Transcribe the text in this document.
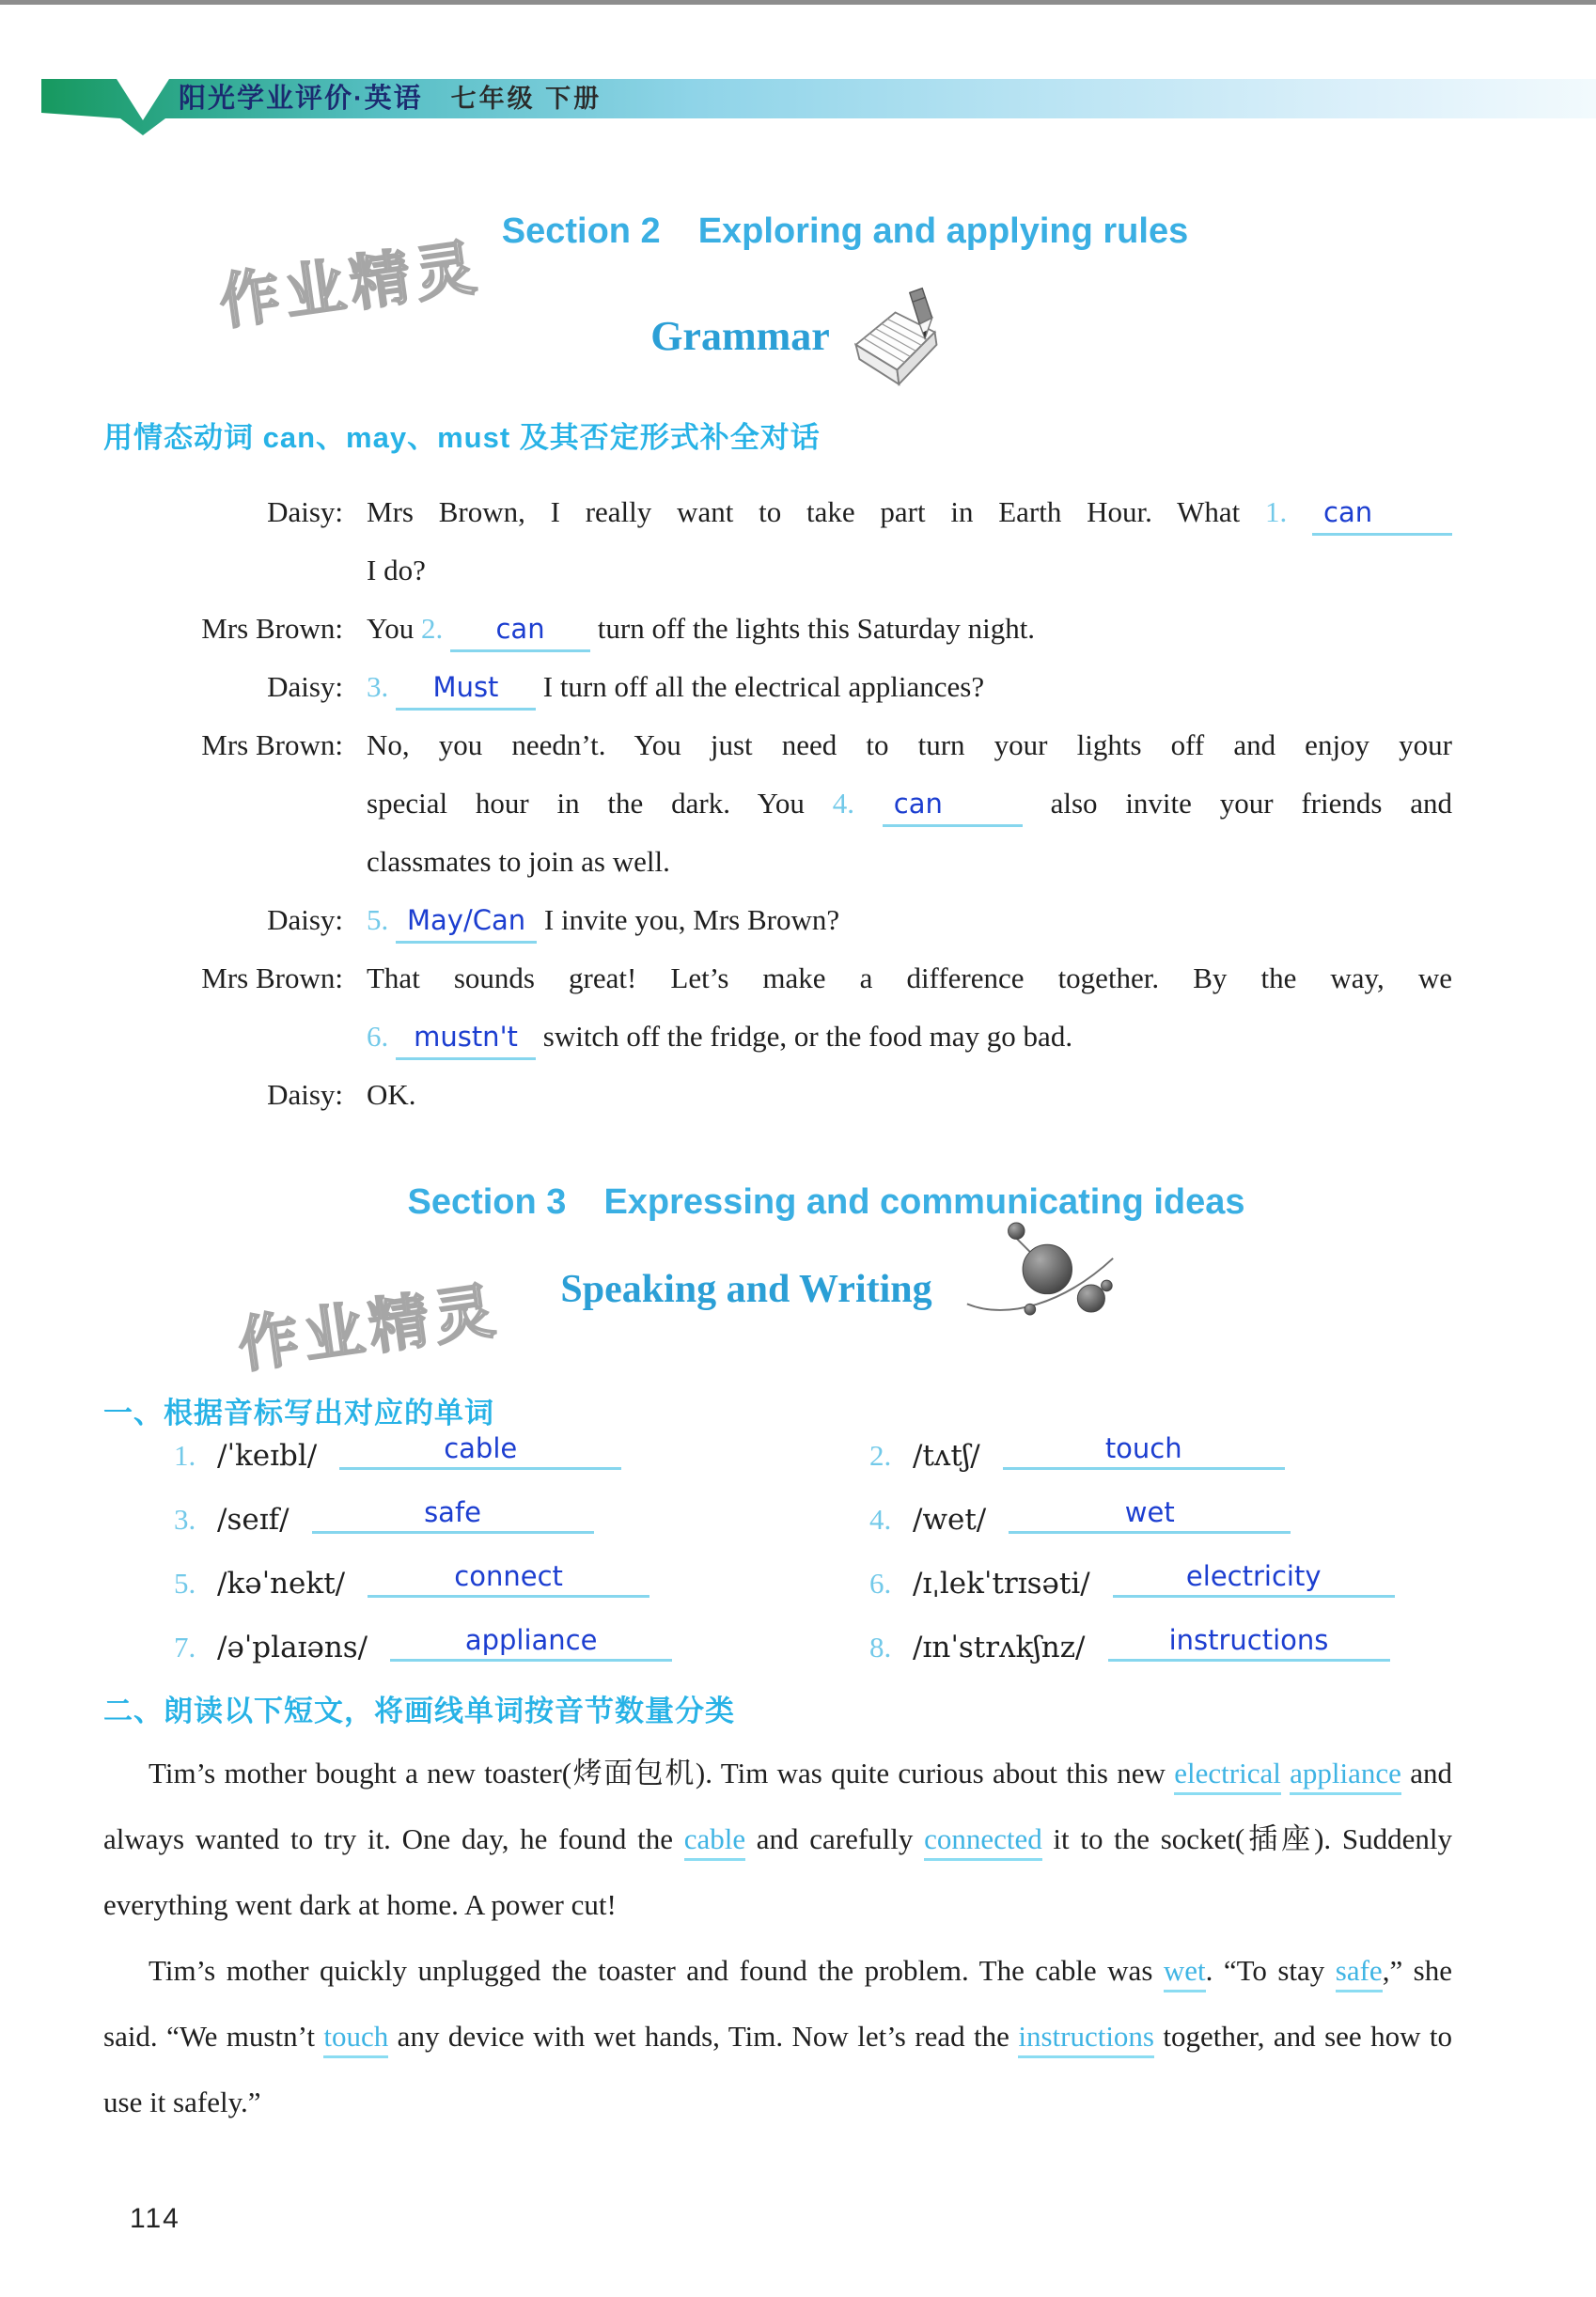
阳光学业评价·英语 七年级 下册
Section 2 Exploring and applying rules
Grammar
作业精灵
用情态动词 can、may、must 及其否定形式补全对话
Daisy: Mrs Brown, I really want to take part in Earth Hour. What 1. can
I do?
Mrs Brown: You 2. can turn off the lights this Saturday night.
Daisy: 3. Must I turn off all the electrical appliances?
Mrs Brown: No, you needn’t. You just need to turn your lights off and enjoy your
special hour in the dark. You 4. can	also invite your friends and
classmates to join as well.
Daisy: 5. May/Can I invite you, Mrs Brown?
Mrs Brown: That sounds great! Let’s make a difference together. By the way, we
6. mustn't switch off the fridge, or the food may go bad.
Daisy: OK.
Section 3 Expressing and communicating ideas
Speaking and Writing
作业精灵
一、根据音标写出对应的单词
1. /ˈkeɪbl/	cable	2. /tʌtʃ/	touch
3. /seɪf/	safe	4. /wet/	wet
5. /kəˈnekt/	connect	6. /ɪˌlekˈtrɪsəti/	electricity
7. /əˈplaɪəns/	appliance	8. /ɪnˈstrʌkʃnz/	instructions
二、朗读以下短文，将画线单词按音节数量分类

Tim’s mother bought a new toaster(烤面包机). Tim was quite curious about this new electrical appliance and always wanted to try it. One day, he found the cable and carefully connected it to the socket(插座). Suddenly everything went dark at home. A power cut!

Tim’s mother quickly unplugged the toaster and found the problem. The cable was wet. “To stay safe,” she said. “We mustn’t touch any device with wet hands, Tim. Now let’s read the instructions together, and see how to use it safely.”

114
